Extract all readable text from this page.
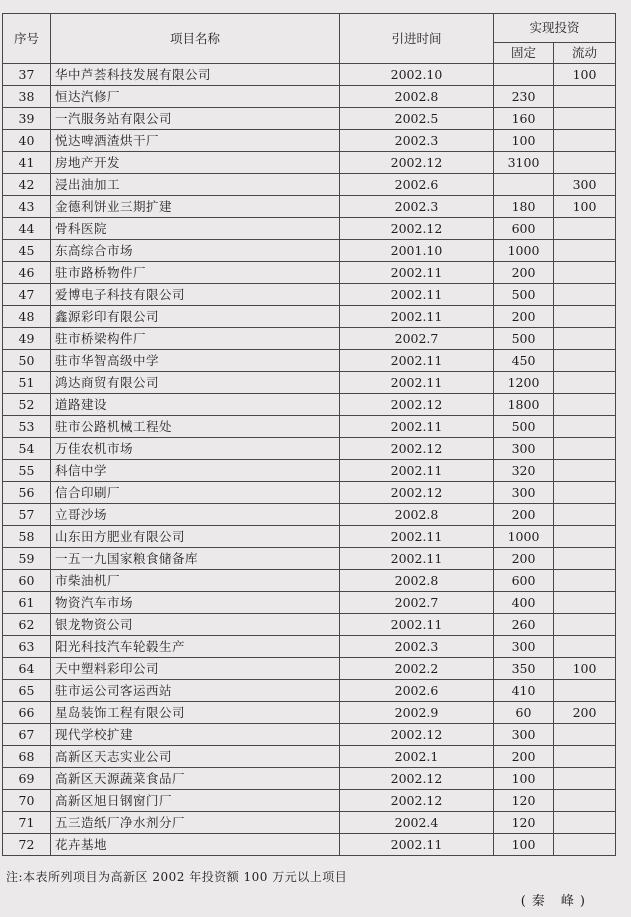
序号	项目名称	引进时间	实现投资	
			固定	流动
37	华中芦荟科技发展有限公司	2002.10		100
38	恒达汽修厂	2002.8	230	
39	一汽服务站有限公司	2002.5	160	
40	悦达啤酒渣烘干厂	2002.3	100	
41	房地产开发	2002.12	3100	
42	浸出油加工	2002.6		300
43	金德利饼业三期扩建	2002.3	180	100
44	骨科医院	2002.12	600	
45	东高综合市场	2001.10	1000	
46	驻市路桥物件厂	2002.11	200	
47	爱博电子科技有限公司	2002.11	500	
48	鑫源彩印有限公司	2002.11	200	
49	驻市桥梁构件厂	2002.7	500	
50	驻市华智高级中学	2002.11	450	
51	鸿达商贸有限公司	2002.11	1200	
52	道路建设	2002.12	1800	
53	驻市公路机械工程处	2002.11	500	
54	万佳农机市场	2002.12	300	
55	科信中学	2002.11	320	
56	信合印刷厂	2002.12	300	
57	立哥沙场	2002.8	200	
58	山东田方肥业有限公司	2002.11	1000	
59	一五一九国家粮食储备库	2002.11	200	
60	市柴油机厂	2002.8	600	
61	物资汽车市场	2002.7	400	
62	银龙物资公司	2002.11	260	
63	阳光科技汽车轮毂生产	2002.3	300	
64	天中塑料彩印公司	2002.2	350	100
65	驻市运公司客运西站	2002.6	410	
66	星岛装饰工程有限公司	2002.9	60	200
67	现代学校扩建	2002.12	300	
68	高新区天志实业公司	2002.1	200	
69	高新区天源蔬菜食品厂	2002.12	100	
70	高新区旭日钢窗门厂	2002.12	120	
71	五三造纸厂净水剂分厂	2002.4	120	
72	花卉基地	2002.11	100	
注:本表所列项目为高新区 2002 年投资额 100 万元以上项目
(秦 峰)
